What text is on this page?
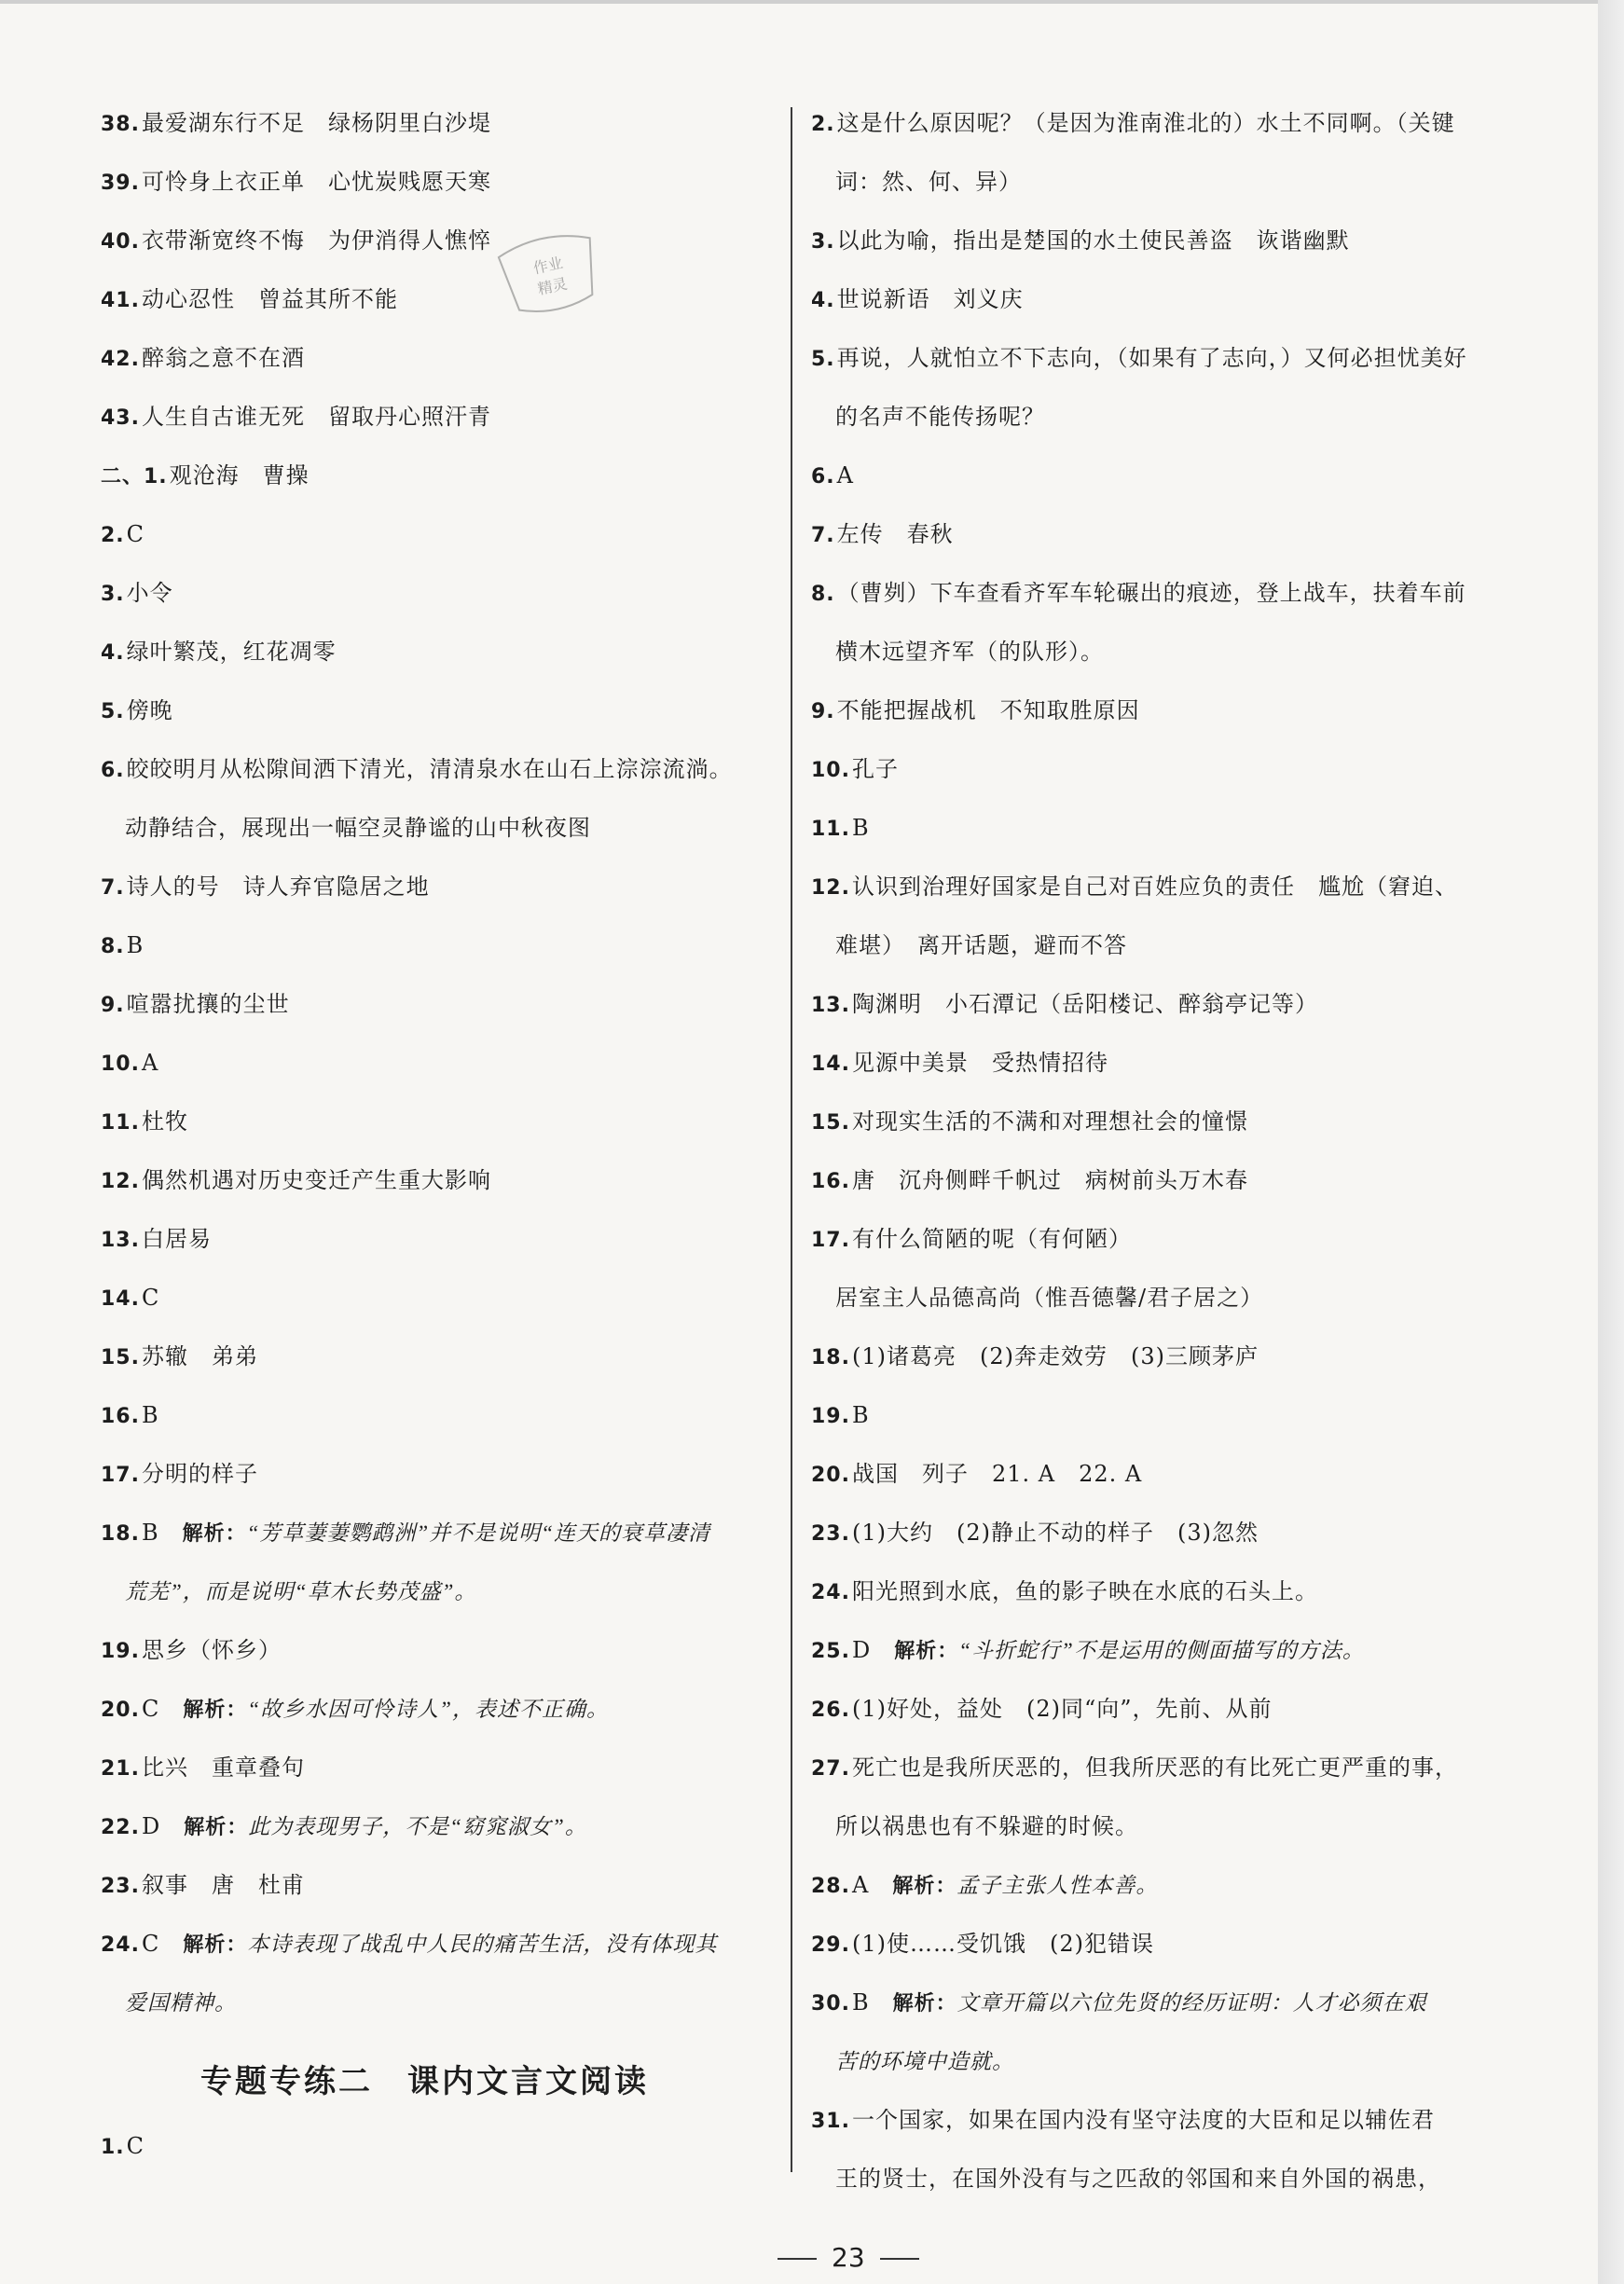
作业
精灵
38.最爱湖东行不足　绿杨阴里白沙堤
39.可怜身上衣正单　心忧炭贱愿天寒
40.衣带渐宽终不悔　为伊消得人憔悴
41.动心忍性　曾益其所不能
42.醉翁之意不在酒
43.人生自古谁无死　留取丹心照汗青
二、1.观沧海　曹操
2.C
3.小令
4.绿叶繁茂，红花凋零
5.傍晚
6.皎皎明月从松隙间洒下清光，清清泉水在山石上淙淙流淌。
动静结合，展现出一幅空灵静谧的山中秋夜图
7.诗人的号　诗人弃官隐居之地
8.B
9.喧嚣扰攘的尘世
10.A
11.杜牧
12.偶然机遇对历史变迁产生重大影响
13.白居易
14.C
15.苏辙　弟弟
16.B
17.分明的样子
18.B　解析：“芳草萋萋鹦鹉洲”并不是说明“连天的衰草凄清
荒芜”，而是说明“草木长势茂盛”。
19.思乡（怀乡）
20.C　解析：“故乡水因可怜诗人”，表述不正确。
21.比兴　重章叠句
22.D　解析：此为表现男子，不是“窈窕淑女”。
23.叙事　唐　杜甫
24.C　解析：本诗表现了战乱中人民的痛苦生活，没有体现其
爱国精神。
专题专练二　课内文言文阅读
1.C
2.这是什么原因呢？（是因为淮南淮北的）水土不同啊。（关键
词：然、何、异）
3.以此为喻，指出是楚国的水土使民善盗　诙谐幽默
4.世说新语　刘义庆
5.再说，人就怕立不下志向，（如果有了志向，）又何必担忧美好
的名声不能传扬呢？
6.A
7.左传　春秋
8.（曹刿）下车查看齐军车轮碾出的痕迹，登上战车，扶着车前
横木远望齐军（的队形）。
9.不能把握战机　不知取胜原因
10.孔子
11.B
12.认识到治理好国家是自己对百姓应负的责任　尴尬（窘迫、
难堪）　离开话题，避而不答
13.陶渊明　小石潭记（岳阳楼记、醉翁亭记等）
14.见源中美景　受热情招待
15.对现实生活的不满和对理想社会的憧憬
16.唐　沉舟侧畔千帆过　病树前头万木春
17.有什么简陋的呢（有何陋）
居室主人品德高尚（惟吾德馨/君子居之）
18.(1)诸葛亮　(2)奔走效劳　(3)三顾茅庐
19.B
20.战国　列子　21. A　22. A
23.(1)大约　(2)静止不动的样子　(3)忽然
24.阳光照到水底，鱼的影子映在水底的石头上。
25.D　解析：“斗折蛇行”不是运用的侧面描写的方法。
26.(1)好处，益处　(2)同“向”，先前、从前
27.死亡也是我所厌恶的，但我所厌恶的有比死亡更严重的事，
所以祸患也有不躲避的时候。
28.A　解析：孟子主张人性本善。
29.(1)使……受饥饿　(2)犯错误
30.B　解析：文章开篇以六位先贤的经历证明：人才必须在艰
苦的环境中造就。
31.一个国家，如果在国内没有坚守法度的大臣和足以辅佐君
王的贤士，在国外没有与之匹敌的邻国和来自外国的祸患，
23
